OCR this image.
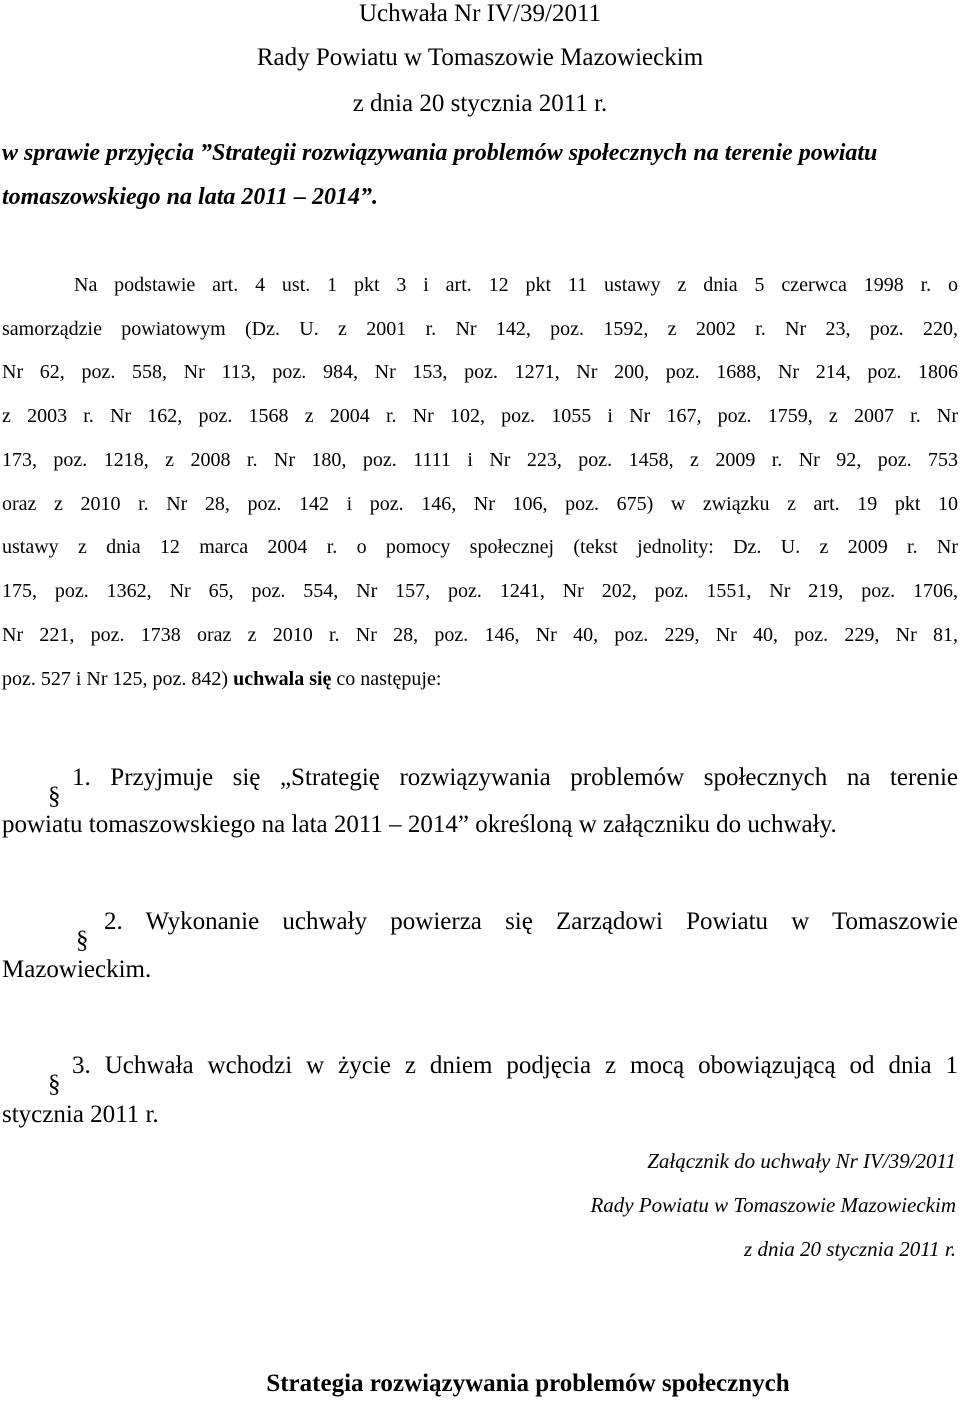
Uchwała Nr IV/39/2011
Rady Powiatu w Tomaszowie Mazowieckim
z dnia 20 stycznia 2011 r.
w sprawie przyjęcia ”Strategii rozwiązywania problemów społecznych na terenie powiatu
tomaszowskiego na lata 2011 – 2014”.
Na podstawie art. 4 ust. 1 pkt 3 i art. 12 pkt 11 ustawy z dnia 5 czerwca 1998 r. o
samorządzie powiatowym (Dz. U. z 2001 r. Nr 142, poz. 1592, z 2002 r. Nr 23, poz. 220,
Nr 62, poz. 558, Nr 113, poz. 984, Nr 153, poz. 1271, Nr 200, poz. 1688, Nr 214, poz. 1806
z 2003 r. Nr 162, poz. 1568 z 2004 r. Nr 102, poz. 1055 i Nr 167, poz. 1759, z 2007 r. Nr
173, poz. 1218, z 2008 r. Nr 180, poz. 1111 i Nr 223, poz. 1458, z 2009 r. Nr 92, poz. 753
oraz z 2010 r. Nr 28, poz. 142 i poz. 146, Nr 106, poz. 675) w związku z art. 19 pkt 10
ustawy z dnia 12 marca 2004 r. o pomocy społecznej (tekst jednolity: Dz. U. z 2009 r. Nr
175, poz. 1362, Nr 65, poz. 554, Nr 157, poz. 1241, Nr 202, poz. 1551, Nr 219, poz. 1706,
Nr 221, poz. 1738 oraz z 2010 r. Nr 28, poz. 146, Nr 40, poz. 229, Nr 40, poz. 229, Nr 81,
poz. 527 i Nr 125, poz. 842) uchwala się co następuje:
1. Przyjmuje się „Strategię rozwiązywania problemów społecznych na terenie
powiatu tomaszowskiego na lata 2011 – 2014” określoną w załączniku do uchwały.
2. Wykonanie uchwały powierza się Zarządowi Powiatu w Tomaszowie
Mazowieckim.
3. Uchwała wchodzi w życie z dniem podjęcia z mocą obowiązującą od dnia 1
stycznia 2011 r.
Załącznik do uchwały Nr IV/39/2011
Rady Powiatu w Tomaszowie Mazowieckim
z dnia 20 stycznia 2011 r.
Strategia rozwiązywania problemów społecznych
